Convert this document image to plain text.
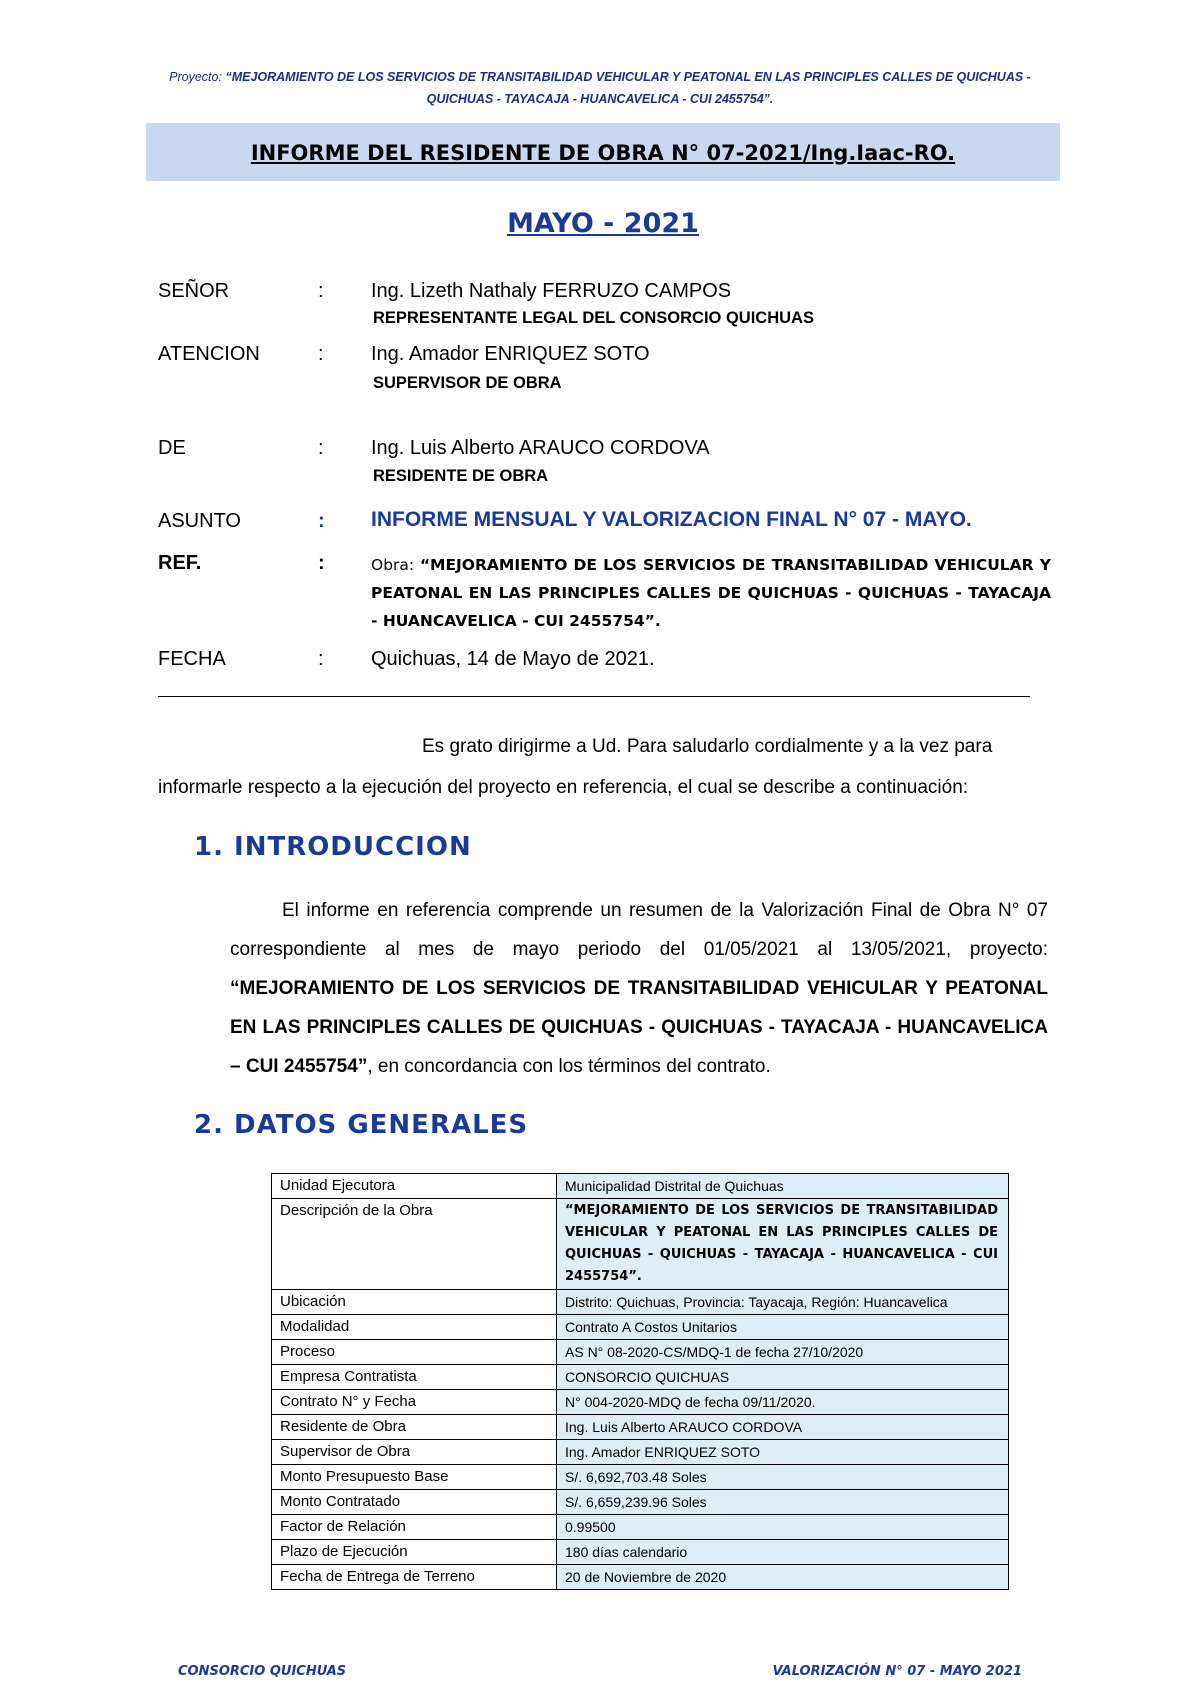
Proyecto: “MEJORAMIENTO DE LOS SERVICIOS DE TRANSITABILIDAD VEHICULAR Y PEATONAL EN LAS PRINCIPLES CALLES DE QUICHUAS - QUICHUAS - TAYACAJA - HUANCAVELICA - CUI 2455754”.
INFORME DEL RESIDENTE DE OBRA N° 07-2021/Ing.Iaac-RO.
MAYO - 2021
SEÑOR	: Ing. Lizeth Nathaly FERRUZO CAMPOS
REPRESENTANTE LEGAL DEL CONSORCIO QUICHUAS
ATENCION	: Ing. Amador ENRIQUEZ SOTO
SUPERVISOR DE OBRA
DE	: Ing. Luis Alberto ARAUCO CORDOVA
RESIDENTE DE OBRA
ASUNTO	: INFORME MENSUAL Y VALORIZACION FINAL N° 07 - MAYO.
REF.	:	Obra: “MEJORAMIENTO DE LOS SERVICIOS DE TRANSITABILIDAD VEHICULAR Y PEATONAL EN LAS PRINCIPLES CALLES DE QUICHUAS - QUICHUAS - TAYACAJA - HUANCAVELICA - CUI 2455754”.
FECHA	: Quichuas, 14 de Mayo de 2021.
Es grato dirigirme a Ud. Para saludarlo cordialmente y a la vez para
informarle respecto a la ejecución del proyecto en referencia, el cual se describe a continuación:
1. INTRODUCCION
El informe en referencia comprende un resumen de la Valorización Final de Obra N° 07 correspondiente al mes de mayo periodo del 01/05/2021 al 13/05/2021, proyecto: “MEJORAMIENTO DE LOS SERVICIOS DE TRANSITABILIDAD VEHICULAR Y PEATONAL EN LAS PRINCIPLES CALLES DE QUICHUAS - QUICHUAS - TAYACAJA - HUANCAVELICA – CUI 2455754”, en concordancia con los términos del contrato.
2. DATOS GENERALES
Unidad Ejecutora	Municipalidad Distrital de Quichuas
Descripción de la Obra	“MEJORAMIENTO DE LOS SERVICIOS DE TRANSITABILIDAD VEHICULAR Y PEATONAL EN LAS PRINCIPLES CALLES DE QUICHUAS - QUICHUAS - TAYACAJA - HUANCAVELICA - CUI 2455754”.
Ubicación	Distrito: Quichuas, Provincia: Tayacaja, Región: Huancavelica
Modalidad	Contrato A Costos Unitarios
Proceso	AS N° 08-2020-CS/MDQ-1 de fecha 27/10/2020
Empresa Contratista	CONSORCIO QUICHUAS
Contrato N° y Fecha	N° 004-2020-MDQ de fecha 09/11/2020.
Residente de Obra	Ing. Luis Alberto ARAUCO CORDOVA
Supervisor de Obra	Ing. Amador ENRIQUEZ SOTO
Monto Presupuesto Base	S/. 6,692,703.48 Soles
Monto Contratado	S/. 6,659,239.96 Soles
Factor de Relación	0.99500
Plazo de Ejecución	180 días calendario
Fecha de Entrega de Terreno	20 de Noviembre de 2020
CONSORCIO QUICHUAS	VALORIZACIÓN N° 07 - MAYO 2021
